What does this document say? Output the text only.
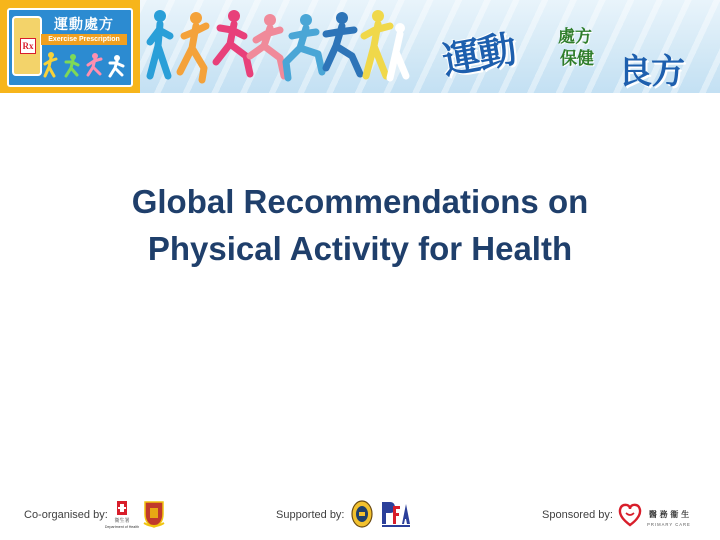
Rx
運動處方
Exercise Prescription	運動 處方
保健 良方
Global Recommendations on
Physical Activity for Health
Co-organised by: 衛生署
Department of Health
Supported by:	Sponsored by:	醫 務 衞 生
PRIMARY CARE
